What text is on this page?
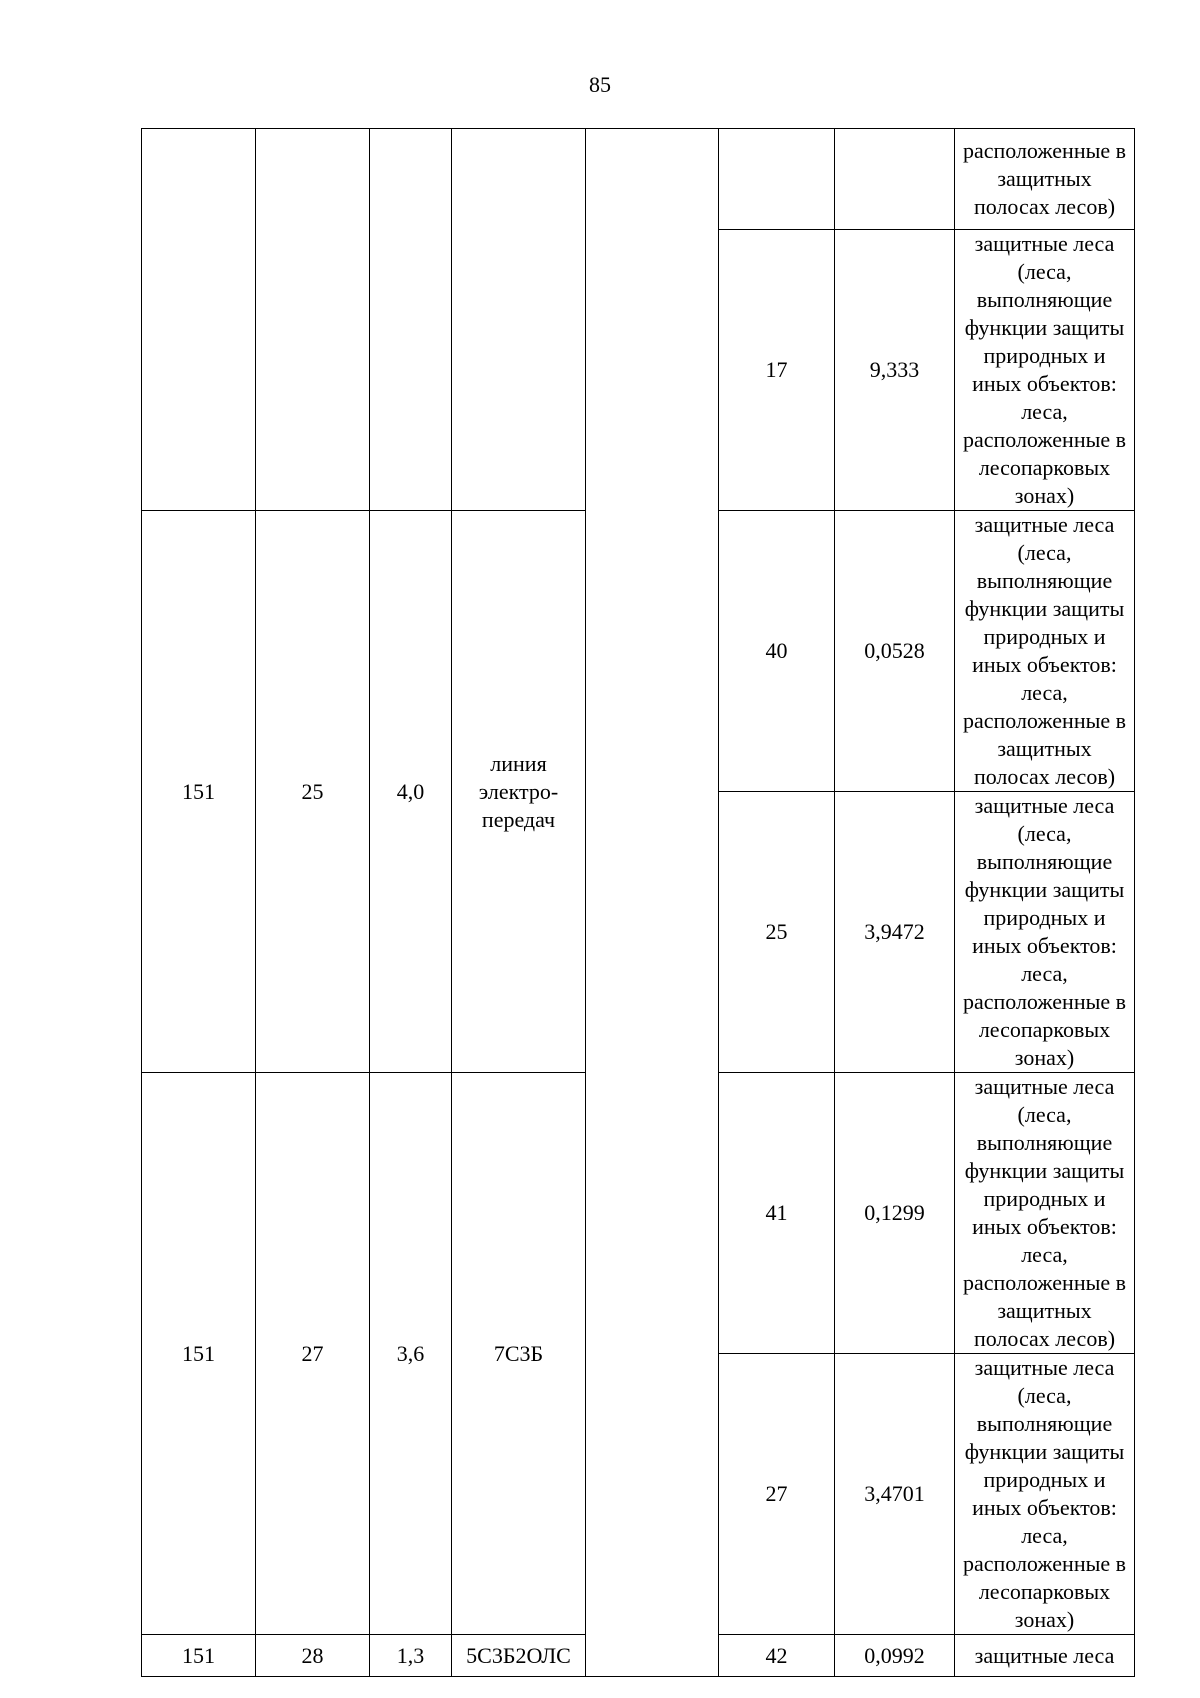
85
							расположенные в защитных полосах лесов)
					17	9,333	защитные леса (леса, выполняющие функции защиты природных и иных объектов: леса, расположенные в лесопарковых зонах)
151	25	4,0	линия электро-передач		40	0,0528	защитные леса (леса, выполняющие функции защиты природных и иных объектов: леса, расположенные в защитных полосах лесов)
					25	3,9472	защитные леса (леса, выполняющие функции защиты природных и иных объектов: леса, расположенные в лесопарковых зонах)
151	27	3,6	7С3Б		41	0,1299	защитные леса (леса, выполняющие функции защиты природных и иных объектов: леса, расположенные в защитных полосах лесов)
					27	3,4701	защитные леса (леса, выполняющие функции защиты природных и иных объектов: леса, расположенные в лесопарковых зонах)
151	28	1,3	5С3Б2ОЛС		42	0,0992	защитные леса
